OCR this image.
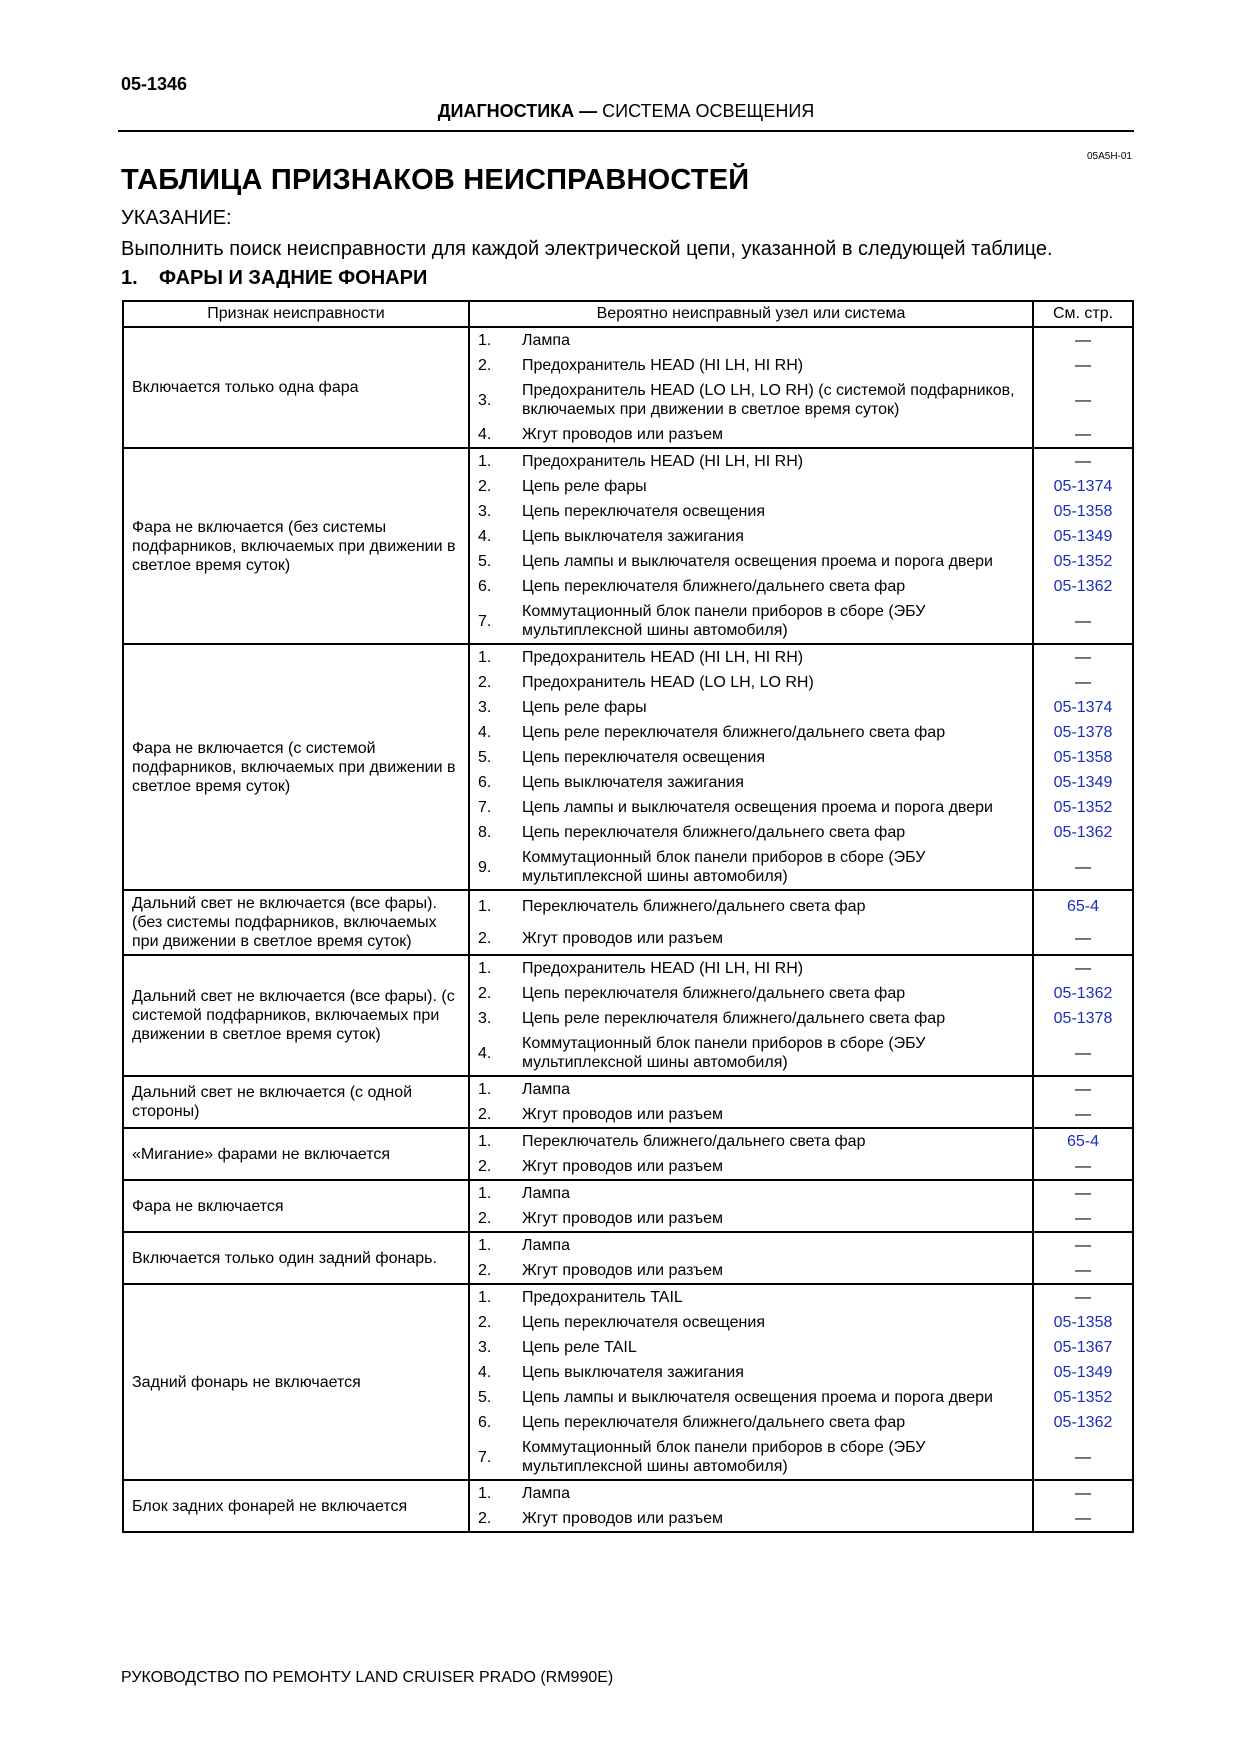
05-1346
ДИАГНОСТИКА — СИСТЕМА ОСВЕЩЕНИЯ
05A5H-01
ТАБЛИЦА ПРИЗНАКОВ НЕИСПРАВНОСТЕЙ
УКАЗАНИЕ:
Выполнить поиск неисправности для каждой электрической цепи, указанной в следующей таблице.
1. ФАРЫ И ЗАДНИЕ ФОНАРИ
Признак неисправности	Вероятно неисправный узел или система	См. стр.
Включается только одна фара	1. Лампа	—

	2. Предохранитель HEAD (HI LH, HI RH)	—

	3.
Предохранитель HEAD (LO LH, LO RH) (с системой подфарников, включаемых при движении в светлое время суток)	—

	4. Жгут проводов или разъем	—
Фара не включается (без системы подфарников, включаемых при движении в светлое время суток)	1. Предохранитель HEAD (HI LH, HI RH)	—

	2. Цепь реле фары	05-1374

	3. Цепь переключателя освещения	05-1358

	4. Цепь выключателя зажигания	05-1349

	5. Цепь лампы и выключателя освещения проема и порога двери	05-1352

	6. Цепь переключателя ближнего/дальнего света фар	05-1362

	7.
Коммутационный блок панели приборов в сборе (ЭБУ мультиплексной шины автомобиля)	—
Фара не включается (с системой подфарников, включаемых при движении в светлое время суток)	1. Предохранитель HEAD (HI LH, HI RH)	—

	2. Предохранитель HEAD (LO LH, LO RH)	—

	3. Цепь реле фары	05-1374

	4. Цепь реле переключателя ближнего/дальнего света фар	05-1378

	5. Цепь переключателя освещения	05-1358

	6. Цепь выключателя зажигания	05-1349

	7. Цепь лампы и выключателя освещения проема и порога двери	05-1352

	8. Цепь переключателя ближнего/дальнего света фар	05-1362

	9.
Коммутационный блок панели приборов в сборе (ЭБУ мультиплексной шины автомобиля)	—
Дальний свет не включается (все фары). (без системы подфарников, включаемых при движении в светлое время суток)	1. Переключатель ближнего/дальнего света фар	65-4

	2. Жгут проводов или разъем	—
Дальний свет не включается (все фары). (с системой подфарников, включаемых при движении в светлое время суток)	1. Предохранитель HEAD (HI LH, HI RH)	—

	2. Цепь переключателя ближнего/дальнего света фар	05-1362

	3. Цепь реле переключателя ближнего/дальнего света фар	05-1378

	4.
Коммутационный блок панели приборов в сборе (ЭБУ мультиплексной шины автомобиля)	—
Дальний свет не включается (с одной стороны)	1. Лампа	—

	2. Жгут проводов или разъем	—
«Мигание» фарами не включается	1. Переключатель ближнего/дальнего света фар	65-4

	2. Жгут проводов или разъем	—
Фара не включается	1. Лампа	—

	2. Жгут проводов или разъем	—
Включается только один задний фонарь.	1. Лампа	—

	2. Жгут проводов или разъем	—
Задний фонарь не включается	1. Предохранитель TAIL	—

	2. Цепь переключателя освещения	05-1358

	3. Цепь реле TAIL	05-1367

	4. Цепь выключателя зажигания	05-1349

	5. Цепь лампы и выключателя освещения проема и порога двери	05-1352

	6. Цепь переключателя ближнего/дальнего света фар	05-1362

	7.
Коммутационный блок панели приборов в сборе (ЭБУ мультиплексной шины автомобиля)	—
Блок задних фонарей не включается	1. Лампа	—

	2. Жгут проводов или разъем	—
РУКОВОДСТВО ПО РЕМОНТУ LAND CRUISER PRADO (RM990E)
